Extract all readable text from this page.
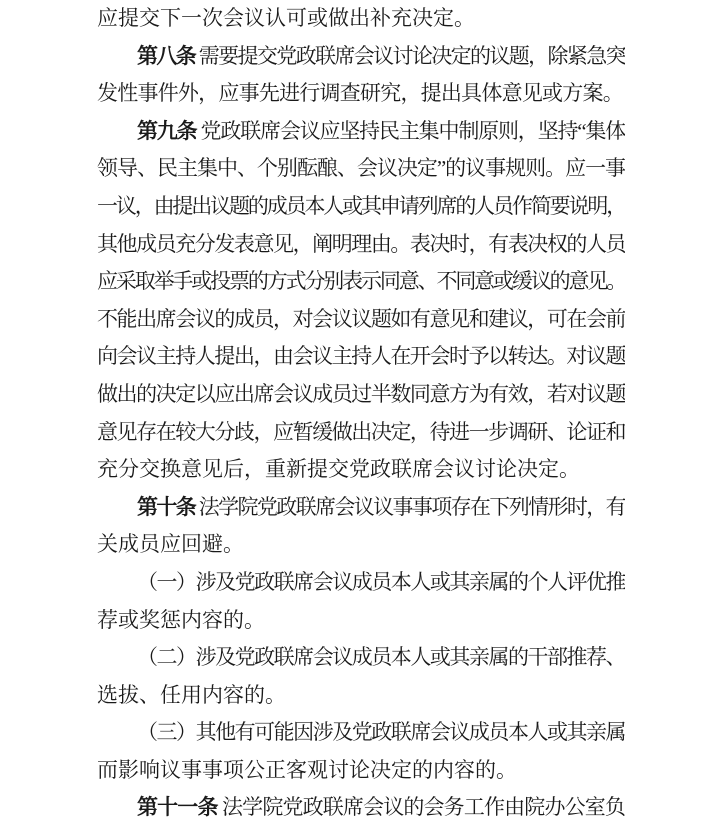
应提交下一次会议认可或做出补充决定。
第八条 需要提交党政联席会议讨论决定的议题，除紧急突
发性事件外，应事先进行调查研究，提出具体意见或方案。
第九条 党政联席会议应坚持民主集中制原则，坚持“集体
领导、民主集中、个别酝酿、会议决定”的议事规则。应一事
一议，由提出议题的成员本人或其申请列席的人员作简要说明，
其他成员充分发表意见，阐明理由。表决时，有表决权的人员
应采取举手或投票的方式分别表示同意、不同意或缓议的意见。
不能出席会议的成员，对会议议题如有意见和建议，可在会前
向会议主持人提出，由会议主持人在开会时予以转达。对议题
做出的决定以应出席会议成员过半数同意方为有效，若对议题
意见存在较大分歧，应暂缓做出决定，待进一步调研、论证和
充分交换意见后，重新提交党政联席会议讨论决定。
第十条 法学院党政联席会议议事事项存在下列情形时，有
关成员应回避。
（一）涉及党政联席会议成员本人或其亲属的个人评优推
荐或奖惩内容的。
（二）涉及党政联席会议成员本人或其亲属的干部推荐、
选拔、任用内容的。
（三）其他有可能因涉及党政联席会议成员本人或其亲属
而影响议事事项公正客观讨论决定的内容的。
第十一条 法学院党政联席会议的会务工作由院办公室负
